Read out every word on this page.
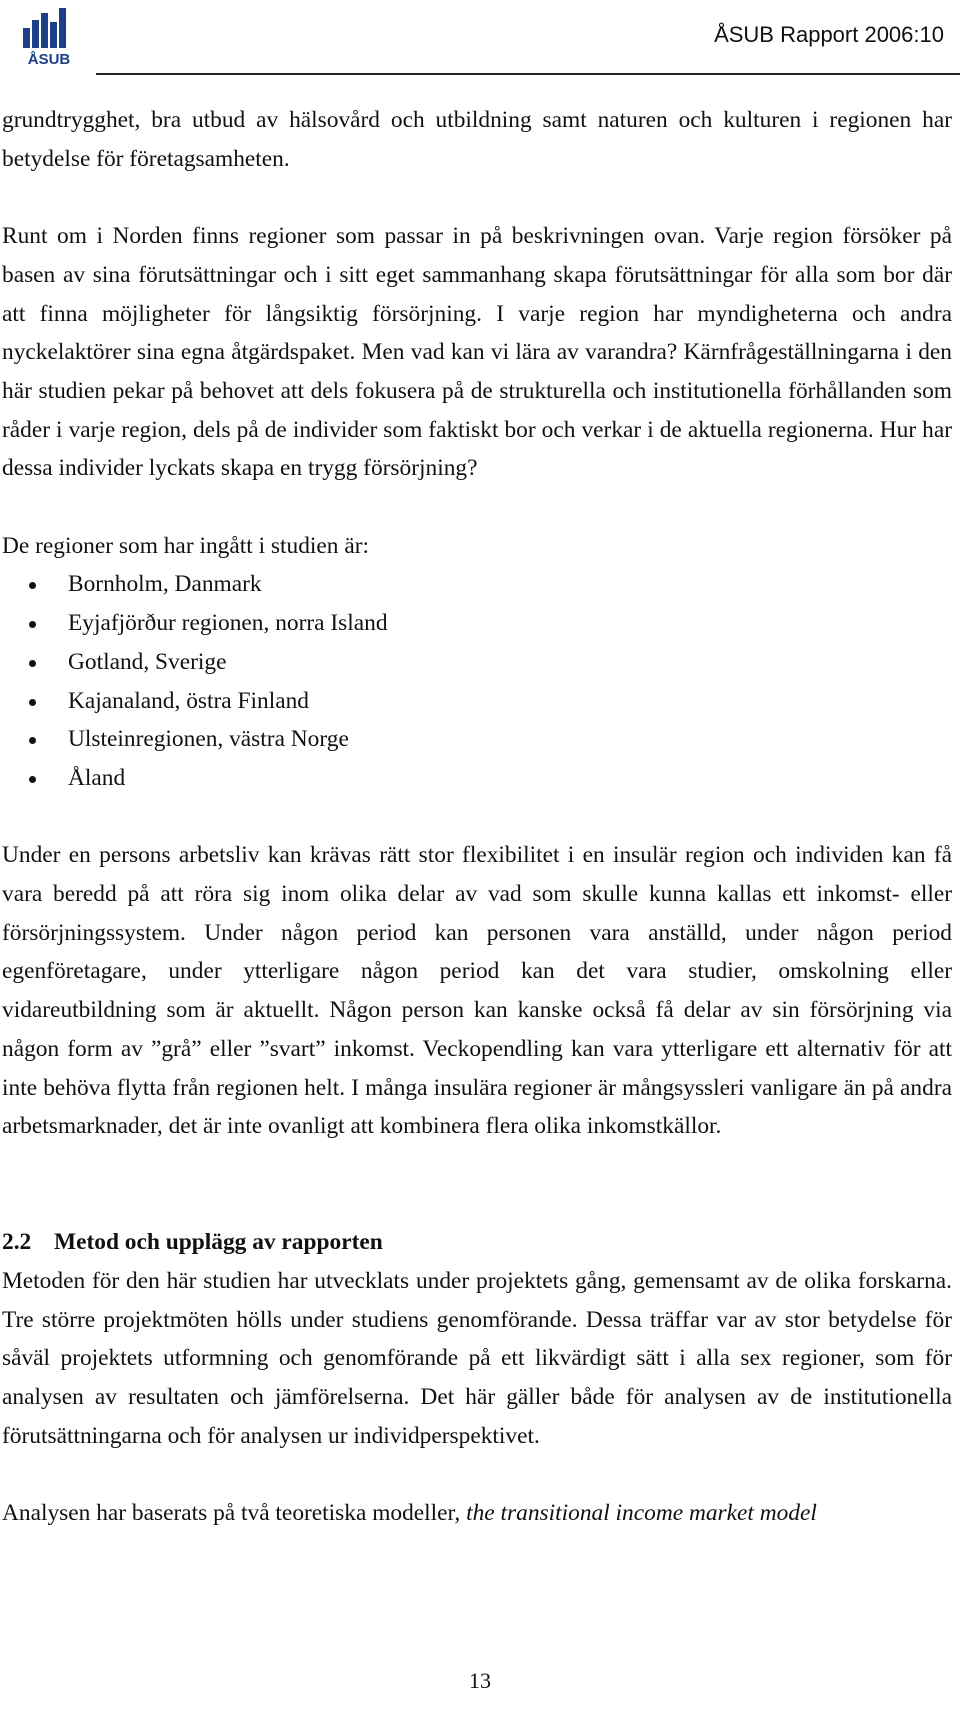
ÅSUB
ÅSUB Rapport 2006:10

grundtrygghet, bra utbud av hälsovård och utbildning samt naturen och kulturen i regionen har betydelse för företagsamheten.

Runt om i Norden finns regioner som passar in på beskrivningen ovan. Varje region försöker på basen av sina förutsättningar och i sitt eget sammanhang skapa förutsättningar för alla som bor där att finna möjligheter för långsiktig försörjning. I varje region har myndigheterna och andra nyckelaktörer sina egna åtgärdspaket. Men vad kan vi lära av varandra? Kärnfrågeställningarna i den här studien pekar på behovet att dels fokusera på de strukturella och institutionella förhållanden som råder i varje region, dels på de individer som faktiskt bor och verkar i de aktuella regionerna. Hur har dessa individer lyckats skapa en trygg försörjning?

De regioner som har ingått i studien är:

Bornholm, Danmark
Eyjafjörður regionen, norra Island
Gotland, Sverige
Kajanaland, östra Finland
Ulsteinregionen, västra Norge
Åland

Under en persons arbetsliv kan krävas rätt stor flexibilitet i en insulär region och individen kan få vara beredd på att röra sig inom olika delar av vad som skulle kunna kallas ett inkomst- eller försörjningssystem. Under någon period kan personen vara anställd, under någon period egenföretagare, under ytterligare någon period kan det vara studier, omskolning eller vidareutbildning som är aktuellt. Någon person kan kanske också få delar av sin försörjning via någon form av ”grå” eller ”svart” inkomst. Veckopendling kan vara ytterligare ett alternativ för att inte behöva flytta från regionen helt. I många insulära regioner är mångsyssleri vanligare än på andra arbetsmarknader, det är inte ovanligt att kombinera flera olika inkomstkällor.

2.2 Metod och upplägg av rapporten

Metoden för den här studien har utvecklats under projektets gång, gemensamt av de olika forskarna. Tre större projektmöten hölls under studiens genomförande. Dessa träffar var av stor betydelse för såväl projektets utformning och genomförande på ett likvärdigt sätt i alla sex regioner, som för analysen av resultaten och jämförelserna. Det här gäller både för analysen av de institutionella förutsättningarna och för analysen ur individperspektivet.

Analysen har baserats på två teoretiska modeller, the transitional income market model

13
